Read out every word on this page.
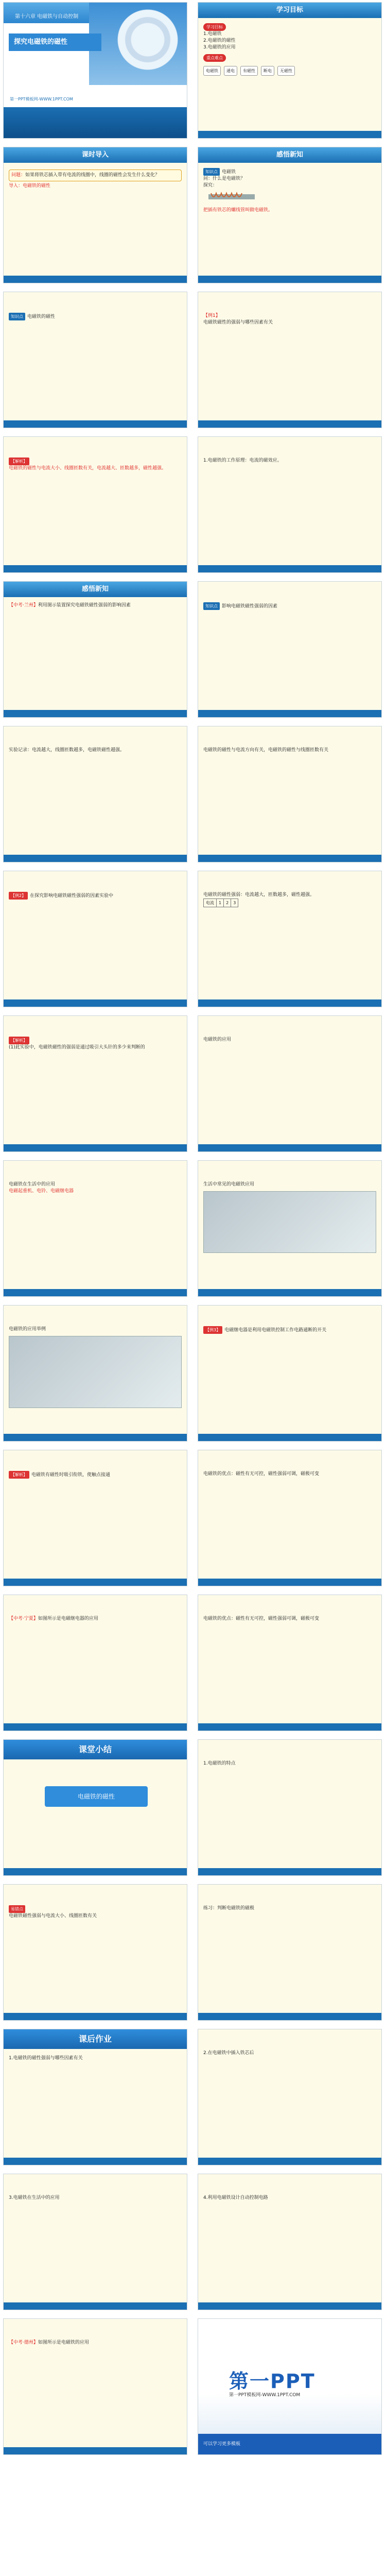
第十六章 电磁铁与自动控制
探究电磁铁的磁性
第一PPT模板网-WWW.1PPT.COM
学习目标
学习目标
1.电磁铁
2.电磁铁的磁性
3.电磁铁的应用
重点难点
电磁铁	通电	有磁性	断电	无磁性
课时导入
问题：如果将铁芯插入带有电流的线圈中，线圈的磁性会发生什么变化？
导入：电磁铁的磁性
感悟新知
知识点 电磁铁
问：什么是电磁铁？
探究：
把插有铁芯的螺线管叫做电磁铁。
知识点 电磁铁的磁性	【例1】
电磁铁磁性的强弱与哪些因素有关
【解析】
电磁铁的磁性与电流大小、线圈匝数有关，电流越大、匝数越多，磁性越强。
1.电磁铁的工作原理：电流的磁效应。
感悟新知
【中考·兰州】利用图示装置探究电磁铁磁性强弱的影响因素	知识点 影响电磁铁磁性强弱的因素
实验记录：电流越大，线圈匝数越多，电磁铁磁性越强。	电磁铁的磁性与电流方向有关，电磁铁的磁性与线圈匝数有关
【例2】 在探究影响电磁铁磁性强弱的因素实验中	电磁铁的磁性强弱：电流越大，匝数越多，磁性越强。
电流	1	2	3
【解析】
(1)此实验中，电磁铁磁性的强弱是通过吸引大头针的多少来判断的
电磁铁的应用
电磁铁在生活中的应用
电磁起重机、电铃、电磁继电器
生活中常见的电磁铁应用
电磁铁的应用举例	【例3】 电磁继电器是利用电磁铁控制工作电路通断的开关
【解析】 电磁铁有磁性时吸引衔铁，使触点接通	电磁铁的优点：磁性有无可控，磁性强弱可调，磁极可变
【中考·宁夏】如图所示是电磁继电器的应用	电磁铁的优点：磁性有无可控，磁性强弱可调，磁极可变
课堂小结
电磁铁的磁性
1.电磁铁的特点
易错点
电磁铁磁性强弱与电流大小、线圈匝数有关
练习：判断电磁铁的磁极
课后作业
1.电磁铁的磁性强弱与哪些因素有关
2.在电磁铁中插入铁芯后
3.电磁铁在生活中的应用	4.利用电磁铁设计自动控制电路
【中考·德州】如图所示是电磁铁的应用
第一PPT
第一PPT模板网-WWW.1PPT.COM
可以学习更多模板
